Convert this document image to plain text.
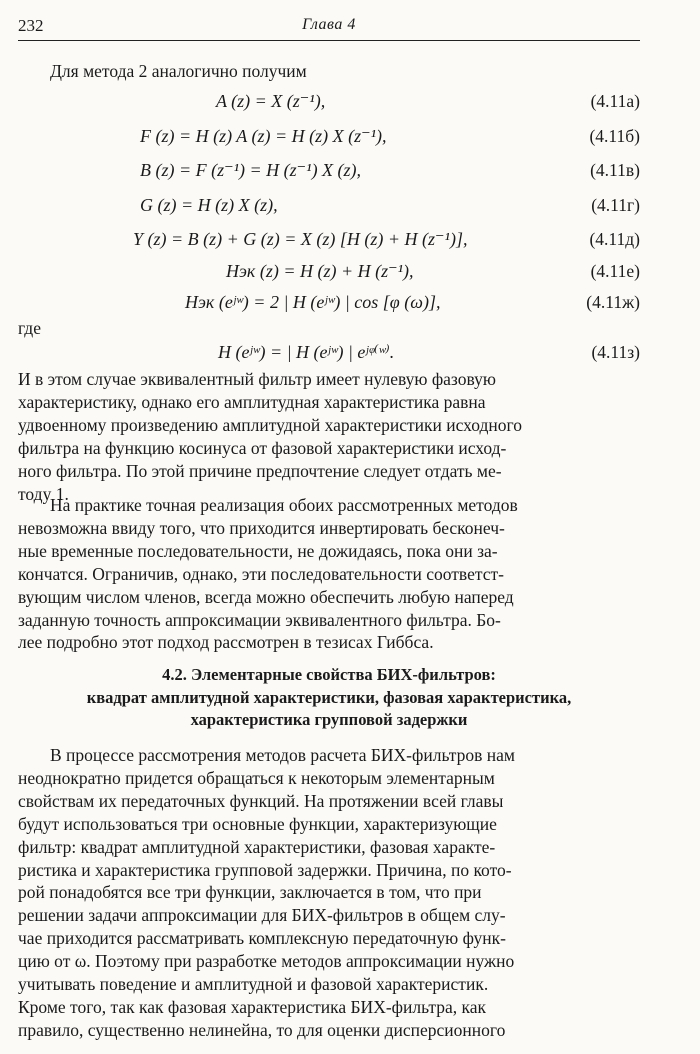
232	Глава 4
Для метода 2 аналогично получим
A (z) = X (z⁻¹),	(4.11а)
F (z) = H (z) A (z) = H (z) X (z⁻¹),	(4.11б)
B (z) = F (z⁻¹) = H (z⁻¹) X (z),	(4.11в)
G (z) = H (z) X (z),	(4.11г)
Y (z) = B (z) + G (z) = X (z) [H (z) + H (z⁻¹)],	(4.11д)
Hэк (z) = H (z) + H (z⁻¹),	(4.11е)
Hэк (eʲʷ) = 2 | H (eʲʷ) | cos [φ (ω)],	(4.11ж)
где
H (eʲʷ) = | H (eʲʷ) | eʲᵠ⁽ʷ⁾.	(4.11з)
И в этом случае эквивалентный фильтр имеет нулевую фазовую
характеристику, однако его амплитудная характеристика равна
удвоенному произведению амплитудной характеристики исходного
фильтра на функцию косинуса от фазовой характеристики исход-
ного фильтра. По этой причине предпочтение следует отдать ме-
тоду 1.
На практике точная реализация обоих рассмотренных методов
невозможна ввиду того, что приходится инвертировать бесконеч-
ные временные последовательности, не дожидаясь, пока они за-
кончатся. Ограничив, однако, эти последовательности соответст-
вующим числом членов, всегда можно обеспечить любую наперед
заданную точность аппроксимации эквивалентного фильтра. Бо-
лее подробно этот подход рассмотрен в тезисах Гиббса.
4.2. Элементарные свойства БИХ-фильтров:
квадрат амплитудной характеристики, фазовая характеристика,
характеристика групповой задержки
В процессе рассмотрения методов расчета БИХ-фильтров нам
неоднократно придется обращаться к некоторым элементарным
свойствам их передаточных функций. На протяжении всей главы
будут использоваться три основные функции, характеризующие
фильтр: квадрат амплитудной характеристики, фазовая характе-
ристика и характеристика групповой задержки. Причина, по кото-
рой понадобятся все три функции, заключается в том, что при
решении задачи аппроксимации для БИХ-фильтров в общем слу-
чае приходится рассматривать комплексную передаточную функ-
цию от ω. Поэтому при разработке методов аппроксимации нужно
учитывать поведение и амплитудной и фазовой характеристик.
Кроме того, так как фазовая характеристика БИХ-фильтра, как
правило, существенно нелинейна, то для оценки дисперсионного
